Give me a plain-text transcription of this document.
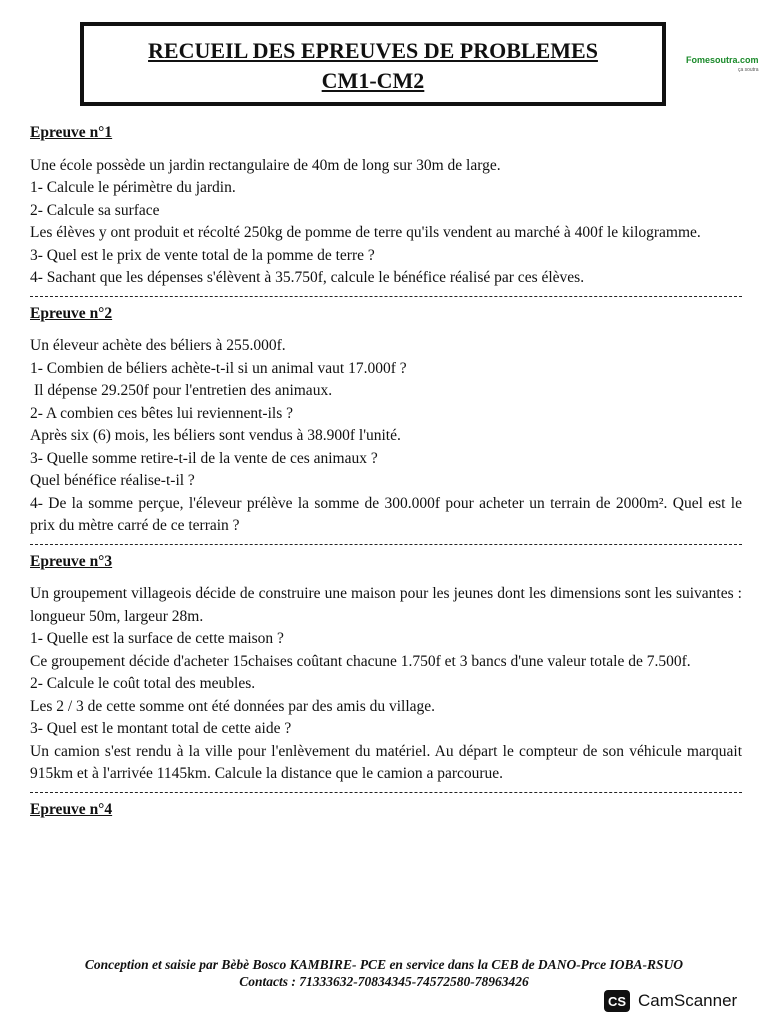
RECUEIL DES EPREUVES DE PROBLEMES
CM1-CM2
Fomesoutra.com
ça soutra
Epreuve n°1
Une école possède un jardin rectangulaire de 40m de long sur 30m de large.
1- Calcule le périmètre du jardin.
2- Calcule sa surface
Les élèves y ont produit et récolté 250kg de pomme de terre qu'ils vendent au marché à 400f le kilogramme.
3- Quel est le prix de vente total de la pomme de terre ?
4- Sachant que les dépenses s'élèvent à 35.750f, calcule le bénéfice réalisé par ces élèves.
Epreuve n°2
Un éleveur achète des béliers à 255.000f.
1- Combien de béliers achète-t-il si un animal vaut 17.000f ?
Il dépense 29.250f pour l'entretien des animaux.
2- A combien ces bêtes lui reviennent-ils ?
Après six (6) mois, les béliers sont vendus à 38.900f l'unité.
3- Quelle somme retire-t-il de la vente de ces animaux ?
Quel bénéfice réalise-t-il ?
4- De la somme perçue, l'éleveur prélève la somme de 300.000f pour acheter un terrain de 2000m². Quel est le prix du mètre carré de ce terrain ?
Epreuve n°3
Un groupement villageois décide de construire une maison pour les jeunes dont les dimensions sont les suivantes : longueur 50m, largeur 28m.
1- Quelle est la surface de cette maison ?
Ce groupement décide d'acheter 15chaises coûtant chacune 1.750f et 3 bancs d'une valeur totale de 7.500f.
2- Calcule le coût total des meubles.
Les 2 / 3 de cette somme ont été données par des amis du village.
3- Quel est le montant total de cette aide ?
Un camion s'est rendu à la ville pour l'enlèvement du matériel. Au départ le compteur de son véhicule marquait 915km et à l'arrivée 1145km. Calcule la distance que le camion a parcourue.
Epreuve n°4
Conception et saisie par Bèbè Bosco KAMBIRE- PCE en service dans la CEB de DANO-Prce IOBA-RSUO
Contacts : 71333632-70834345-74572580-78963426
CS CamScanner
